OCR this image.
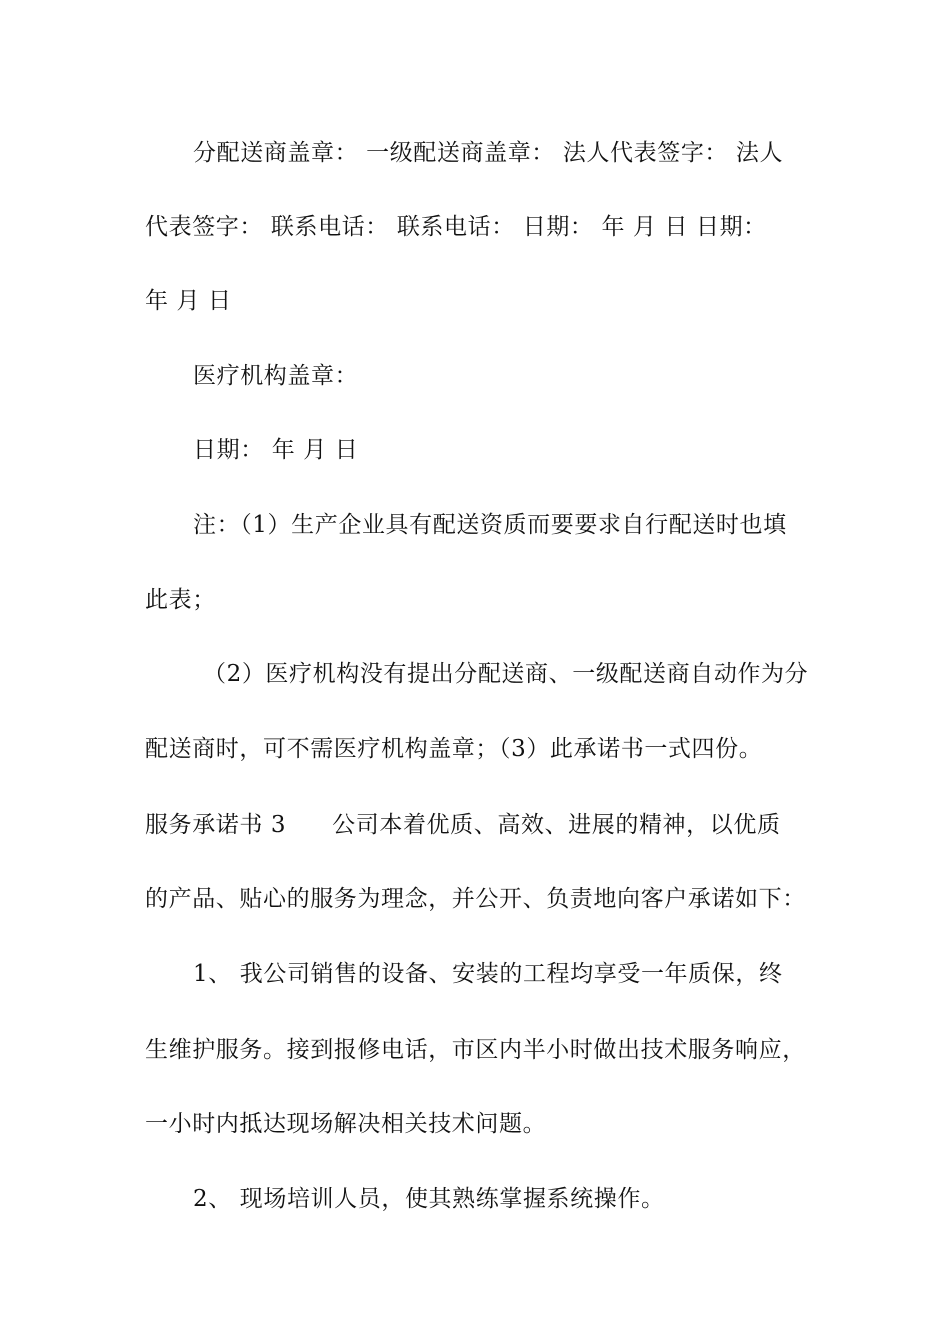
分配送商盖章： 一级配送商盖章： 法人代表签字： 法人
代表签字： 联系电话： 联系电话： 日期： 年 月 日 日期：
年 月 日
医疗机构盖章：
日期： 年 月 日
注：（1）生产企业具有配送资质而要要求自行配送时也填
此表；
（2）医疗机构没有提出分配送商、一级配送商自动作为分
配送商时，可不需医疗机构盖章；（3）此承诺书一式四份。
服务承诺书 3 公司本着优质、高效、进展的精神，以优质
的产品、贴心的服务为理念，并公开、负责地向客户承诺如下：
1、 我公司销售的设备、安装的工程均享受一年质保，终
生维护服务。接到报修电话，市区内半小时做出技术服务响应，
一小时内抵达现场解决相关技术问题。
2、 现场培训人员，使其熟练掌握系统操作。
